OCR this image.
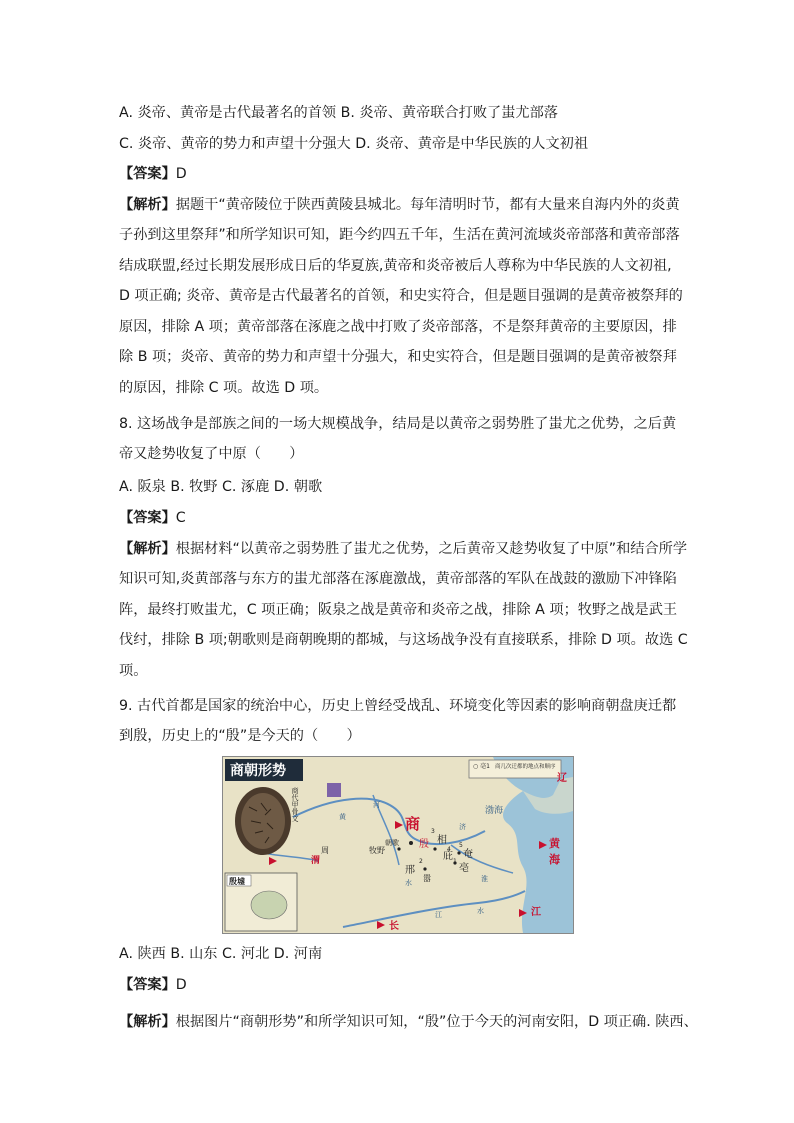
A. 炎帝、黄帝是古代最著名的首领 B. 炎帝、黄帝联合打败了蚩尤部落
C. 炎帝、黄帝的势力和声望十分强大 D. 炎帝、黄帝是中华民族的人文初祖
【答案】D
【解析】据题干“黄帝陵位于陕西黄陵县城北。每年清明时节，都有大量来自海内外的炎黄
子孙到这里祭拜”和所学知识可知，距今约四五千年，生活在黄河流域炎帝部落和黄帝部落
结成联盟,经过长期发展形成日后的华夏族,黄帝和炎帝被后人尊称为中华民族的人文初祖,
D 项正确; 炎帝、黄帝是古代最著名的首领，和史实符合，但是题目强调的是黄帝被祭拜的
原因，排除 A 项；黄帝部落在涿鹿之战中打败了炎帝部落，不是祭拜黄帝的主要原因，排
除 B 项；炎帝、黄帝的势力和声望十分强大，和史实符合，但是题目强调的是黄帝被祭拜
的原因，排除 C 项。故选 D 项。
8. 这场战争是部族之间的一场大规模战争，结局是以黄帝之弱势胜了蚩尤之优势，之后黄
帝又趁势收复了中原（　　）
A. 阪泉 B. 牧野 C. 涿鹿 D. 朝歌
【答案】C
【解析】根据材料“以黄帝之弱势胜了蚩尤之优势，之后黄帝又趁势收复了中原”和结合所学
知识可知,炎黄部落与东方的蚩尤部落在涿鹿激战，黄帝部落的军队在战鼓的激励下冲锋陷
阵，最终打败蚩尤，C 项正确；阪泉之战是黄帝和炎帝之战，排除 A 项；牧野之战是武王
伐纣，排除 B 项;朝歌则是商朝晚期的都城，与这场战争没有直接联系，排除 D 项。故选 C
项。
9. 古代首都是国家的统治中心，历史上曾经受战乱、环境变化等因素的影响商朝盘庚迁都
到殷，历史上的“殷”是今天的（　　）
商朝形势	○ 亳1 商几次迁都的地点和顺序
商代甲骨文
殷墟
商
殷 相
3
庇
4 奄
5
亳
1
牧野
朝歌
邢
2
嚣
周
渭
渤海
黄
海
辽
江
长
河
黄
济
淮
水
江	水
A. 陕西 B. 山东 C. 河北 D. 河南
【答案】D
【解析】根据图片“商朝形势”和所学知识可知，“殷”位于今天的河南安阳，D 项正确. 陕西、
